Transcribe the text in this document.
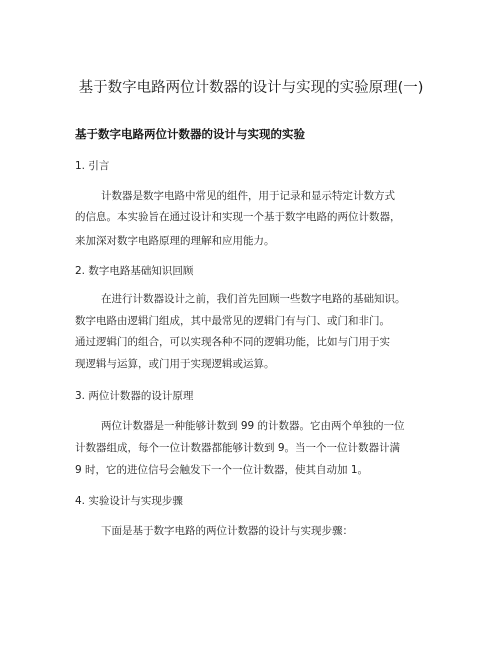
基于数字电路两位计数器的设计与实现的实验原理(一)
基于数字电路两位计数器的设计与实现的实验
1. 引言
计数器是数字电路中常见的组件，用于记录和显示特定计数方式
的信息。本实验旨在通过设计和实现一个基于数字电路的两位计数器，
来加深对数字电路原理的理解和应用能力。
2. 数字电路基础知识回顾
在进行计数器设计之前，我们首先回顾一些数字电路的基础知识。
数字电路由逻辑门组成，其中最常见的逻辑门有与门、或门和非门。
通过逻辑门的组合，可以实现各种不同的逻辑功能，比如与门用于实
现逻辑与运算，或门用于实现逻辑或运算。
3. 两位计数器的设计原理
两位计数器是一种能够计数到 99 的计数器。它由两个单独的一位
计数器组成，每个一位计数器都能够计数到 9。当一个一位计数器计满
9 时，它的进位信号会触发下一个一位计数器，使其自动加 1。
4. 实验设计与实现步骤
下面是基于数字电路的两位计数器的设计与实现步骤：
